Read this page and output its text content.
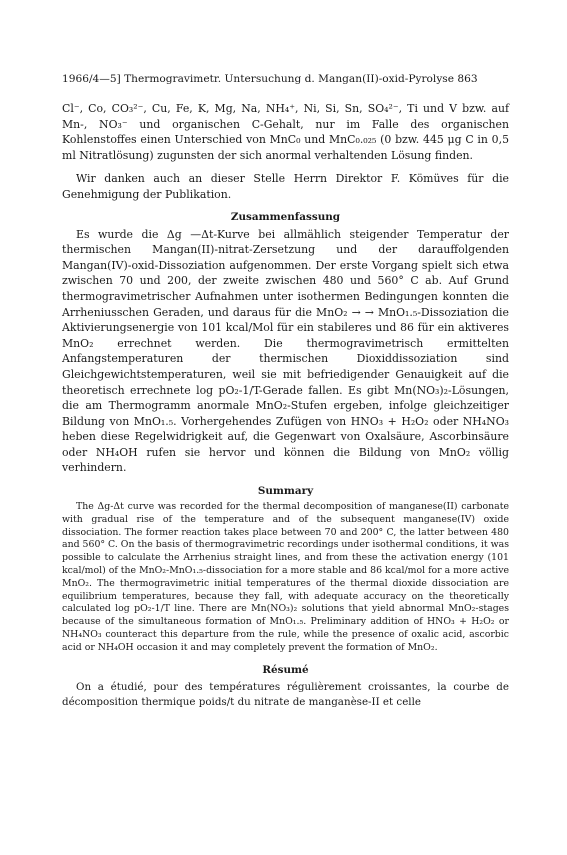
1966/4—5] Thermogravimetr. Untersuchung d. Mangan(II)-oxid-Pyrolyse 863

Cl⁻, Co, CO₃²⁻, Cu, Fe, K, Mg, Na, NH₄⁺, Ni, Si, Sn, SO₄²⁻, Ti und V bzw. auf Mn-, NO₃⁻ und organischen C-Gehalt, nur im Falle des organischen Kohlenstoffes einen Unterschied von MnC₀ und MnC₀.₀₂₅ (0 bzw. 445 μg C in 0,5 ml Nitratlösung) zugunsten der sich anormal verhaltenden Lösung finden.

Wir danken auch an dieser Stelle Herrn Direktor F. Kömüves für die Genehmigung der Publikation.

Zusammenfassung

Es wurde die Δg —Δt-Kurve bei allmählich steigender Temperatur der thermischen Mangan(II)-nitrat-Zersetzung und der darauffolgenden Mangan(IV)-oxid-Dissoziation aufgenommen. Der erste Vorgang spielt sich etwa zwischen 70 und 200, der zweite zwischen 480 und 560° C ab. Auf Grund thermogravimetrischer Aufnahmen unter isothermen Bedingungen konnten die Arrheniusschen Geraden, und daraus für die MnO₂ → → MnO₁.₅-Dissoziation die Aktivierungsenergie von 101 kcal/Mol für ein stabileres und 86 für ein aktiveres MnO₂ errechnet werden. Die thermogravimetrisch ermittelten Anfangstemperaturen der thermischen Dioxiddissoziation sind Gleichgewichtstemperaturen, weil sie mit befriedigender Genauigkeit auf die theoretisch errechnete log pO₂-1/T-Gerade fallen. Es gibt Mn(NO₃)₂-Lösungen, die am Thermogramm anormale MnO₂-Stufen ergeben, infolge gleichzeitiger Bildung von MnO₁.₅. Vorhergehendes Zufügen von HNO₃ + H₂O₂ oder NH₄NO₃ heben diese Regelwidrigkeit auf, die Gegenwart von Oxalsäure, Ascorbinsäure oder NH₄OH rufen sie hervor und können die Bildung von MnO₂ völlig verhindern.

Summary

The Δg-Δt curve was recorded for the thermal decomposition of manganese(II) carbonate with gradual rise of the temperature and of the subsequent manganese(IV) oxide dissociation. The former reaction takes place between 70 and 200° C, the latter between 480 and 560° C. On the basis of thermogravimetric recordings under isothermal conditions, it was possible to calculate the Arrhenius straight lines, and from these the activation energy (101 kcal/mol) of the MnO₂-MnO₁.₅-dissociation for a more stable and 86 kcal/mol for a more active MnO₂. The thermogravimetric initial temperatures of the thermal dioxide dissociation are equilibrium temperatures, because they fall, with adequate accuracy on the theoretically calculated log pO₂-1/T line. There are Mn(NO₃)₂ solutions that yield abnormal MnO₂-stages because of the simultaneous formation of MnO₁.₅. Preliminary addition of HNO₃ + H₂O₂ or NH₄NO₃ counteract this departure from the rule, while the presence of oxalic acid, ascorbic acid or NH₄OH occasion it and may completely prevent the formation of MnO₂.

Résumé

On a étudié, pour des températures régulièrement croissantes, la courbe de décomposition thermique poids/t du nitrate de manganèse-II et celle
